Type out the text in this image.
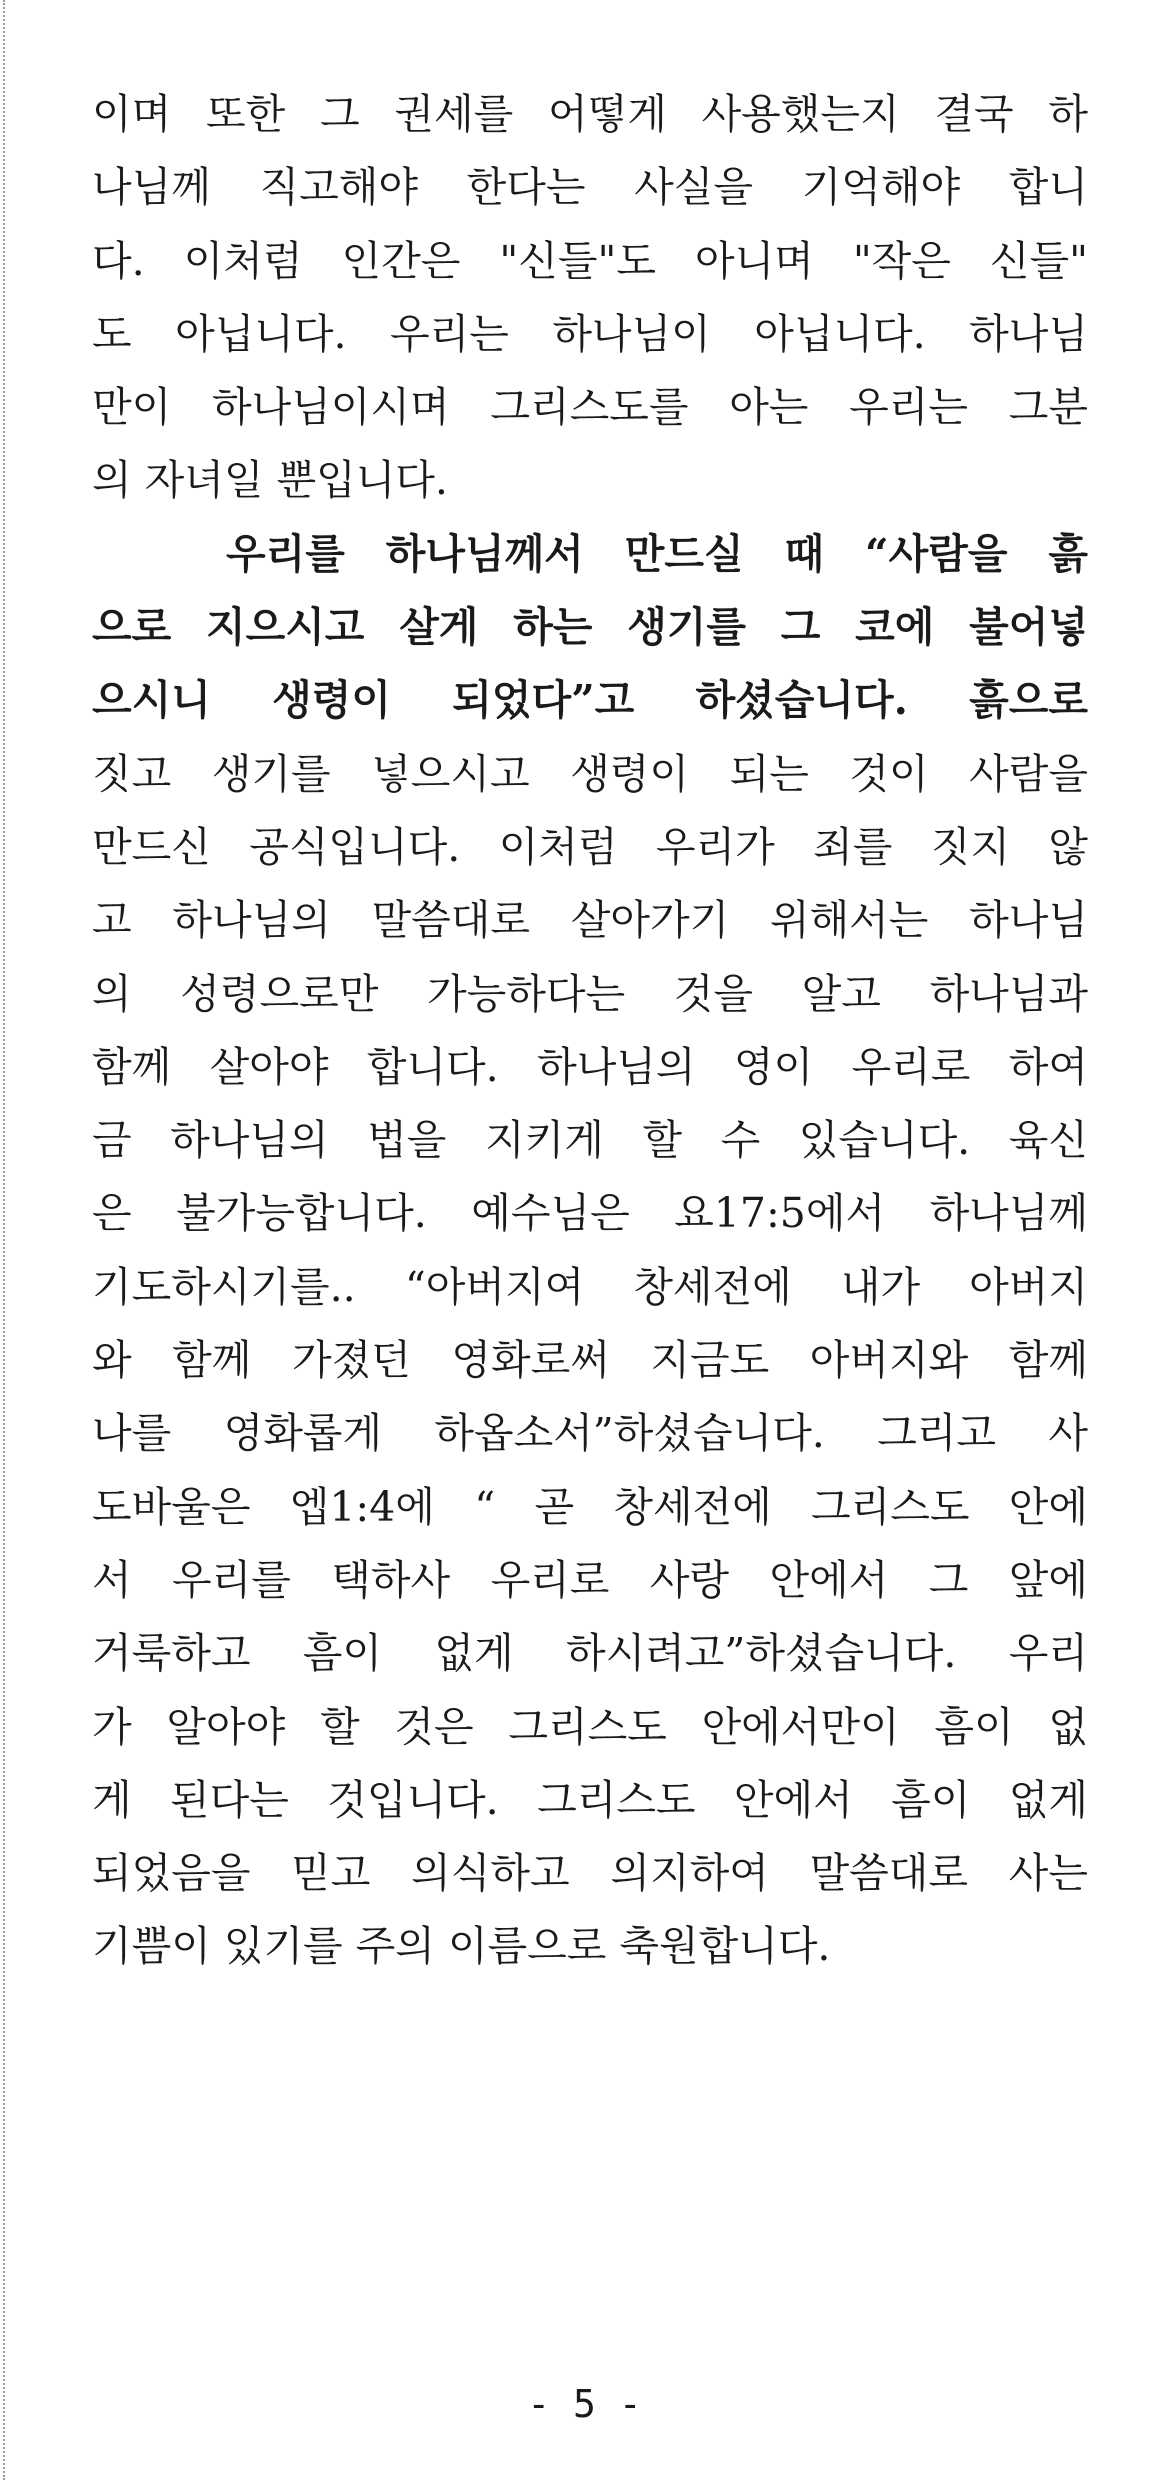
이며 또한 그 권세를 어떻게 사용했는지 결국 하
나님께 직고해야 한다는 사실을 기억해야 합니
다. 이처럼 인간은 "신들"도 아니며 "작은 신들"
도 아닙니다. 우리는 하나님이 아닙니다. 하나님
만이 하나님이시며 그리스도를 아는 우리는 그분
의 자녀일 뿐입니다.
우리를 하나님께서 만드실 때 “사람을 흙
으로 지으시고 살게 하는 생기를 그 코에 불어넣
으시니 생령이 되었다”고 하셨습니다. 흙으로
짓고 생기를 넣으시고 생령이 되는 것이 사람을
만드신 공식입니다. 이처럼 우리가 죄를 짓지 않
고 하나님의 말씀대로 살아가기 위해서는 하나님
의 성령으로만 가능하다는 것을 알고 하나님과
함께 살아야 합니다. 하나님의 영이 우리로 하여
금 하나님의 법을 지키게 할 수 있습니다. 육신
은 불가능합니다. 예수님은 요17:5에서 하나님께
기도하시기를.. “아버지여 창세전에 내가 아버지
와 함께 가졌던 영화로써 지금도 아버지와 함께
나를 영화롭게 하옵소서”하셨습니다. 그리고 사
도바울은 엡1:4에 “ 곧 창세전에 그리스도 안에
서 우리를 택하사 우리로 사랑 안에서 그 앞에
거룩하고 흠이 없게 하시려고”하셨습니다. 우리
가 알아야 할 것은 그리스도 안에서만이 흠이 없
게 된다는 것입니다. 그리스도 안에서 흠이 없게
되었음을 믿고 의식하고 의지하여 말씀대로 사는
기쁨이 있기를 주의 이름으로 축원합니다.
- 5 -
